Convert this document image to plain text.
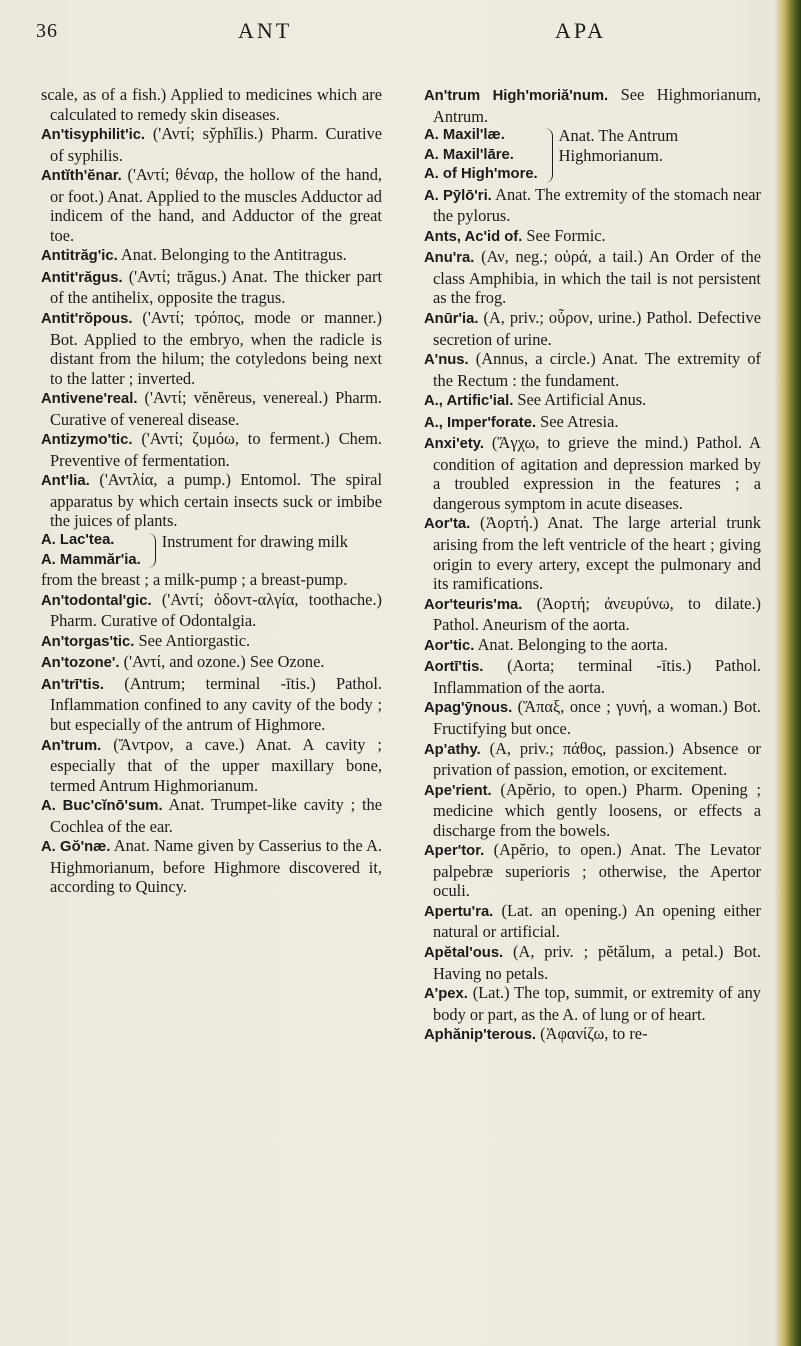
36	ANT	APA

scale, as of a fish.) Applied to medicines which are calculated to remedy skin diseases.

An'tisyphilit'ic. ('Αντί; sy̆phĭlis.) Pharm. Curative of syphilis.

Antĭth'ĕnar. ('Αντί; θέναρ, the hollow of the hand, or foot.) Anat. Applied to the muscles Adductor ad indicem of the hand, and Adductor of the great toe.

Antitrăg'ic. Anat. Belonging to the Antitragus.

Antit'răgus. ('Αντί; trăgus.) Anat. The thicker part of the antihelix, opposite the tragus.

Antit'rŏpous. ('Αντί; τρόπος, mode or manner.) Bot. Applied to the embryo, when the radicle is distant from the hilum; the cotyledons being next to the latter ; inverted.

Antivene'real. ('Αντί; vĕnĕreus, venereal.) Pharm. Curative of venereal disease.

Antizymo'tic. ('Αντί; ζυμόω, to ferment.) Chem. Preventive of fermentation.

Ant'lia. ('Αντλία, a pump.) Entomol. The spiral apparatus by which certain insects suck or imbibe the juices of plants.

A. Lac'tea.
A. Mammăr'ia.
Instrument for drawing milk

from the breast ; a milk-pump ; a breast-pump.

An'todontal'gic. ('Αντί; ὀδοντ-αλγία, toothache.) Pharm. Curative of Odontalgia.

An'torgas'tic. See Antiorgastic.

An'tozone'. ('Αντί, and ozone.) See Ozone.

An'trī'tis. (Antrum; terminal -ītis.) Pathol. Inflammation confined to any cavity of the body ; but especially of the antrum of Highmore.

An'trum. (Ἄντρον, a cave.) Anat. A cavity ; especially that of the upper maxillary bone, termed Antrum Highmorianum.

A. Buc'cĭnō'sum. Anat. Trumpet-like cavity ; the Cochlea of the ear.

A. Gŏ'næ. Anat. Name given by Casserius to the A. Highmorianum, before Highmore discovered it, according to Quincy.

An'trum High'moriă'num. See Highmorianum, Antrum.

A. Maxil'læ.
A. Maxil'lāre.
A. of High'more.
Anat. The Antrum Highmorianum.

A. Pȳlō'ri. Anat. The extremity of the stomach near the pylorus.

Ants, Ac'id of. See Formic.

Anu'ra. (Αν, neg.; οὐρά, a tail.) An Order of the class Amphibia, in which the tail is not persistent as the frog.

Anūr'ia. (A, priv.; οὖρον, urine.) Pathol. Defective secretion of urine.

A'nus. (Annus, a circle.) Anat. The extremity of the Rectum : the fundament.

A., Artific'ial. See Artificial Anus.

A., Imper'forate. See Atresia.

Anxi'ety. (Ἄγχω, to grieve the mind.) Pathol. A condition of agitation and depression marked by a troubled expression in the features ; a dangerous symptom in acute diseases.

Aor'ta. (Ἀορτή.) Anat. The large arterial trunk arising from the left ventricle of the heart ; giving origin to every artery, except the pulmonary and its ramifications.

Aor'teuris'ma. (Ἀορτή; ἀνευρύνω, to dilate.) Pathol. Aneurism of the aorta.

Aor'tic. Anat. Belonging to the aorta.

Aortī'tis. (Aorta; terminal -ītis.) Pathol. Inflammation of the aorta.

Apag'ȳnous. (Ἅπαξ, once ; γυνή, a woman.) Bot. Fructifying but once.

Ap'athy. (A, priv.; πάθος, passion.) Absence or privation of passion, emotion, or excitement.

Ape'rient. (Apĕrio, to open.) Pharm. Opening ; medicine which gently loosens, or effects a discharge from the bowels.

Aper'tor. (Apĕrio, to open.) Anat. The Levator palpebræ superioris ; otherwise, the Apertor oculi.

Apertu'ra. (Lat. an opening.) An opening either natural or artificial.

Apĕtal'ous. (A, priv. ; pĕtălum, a petal.) Bot. Having no petals.

A'pex. (Lat.) The top, summit, or extremity of any body or part, as the A. of lung or of heart.

Aphănip'terous. (Ἀφανίζω, to re-
